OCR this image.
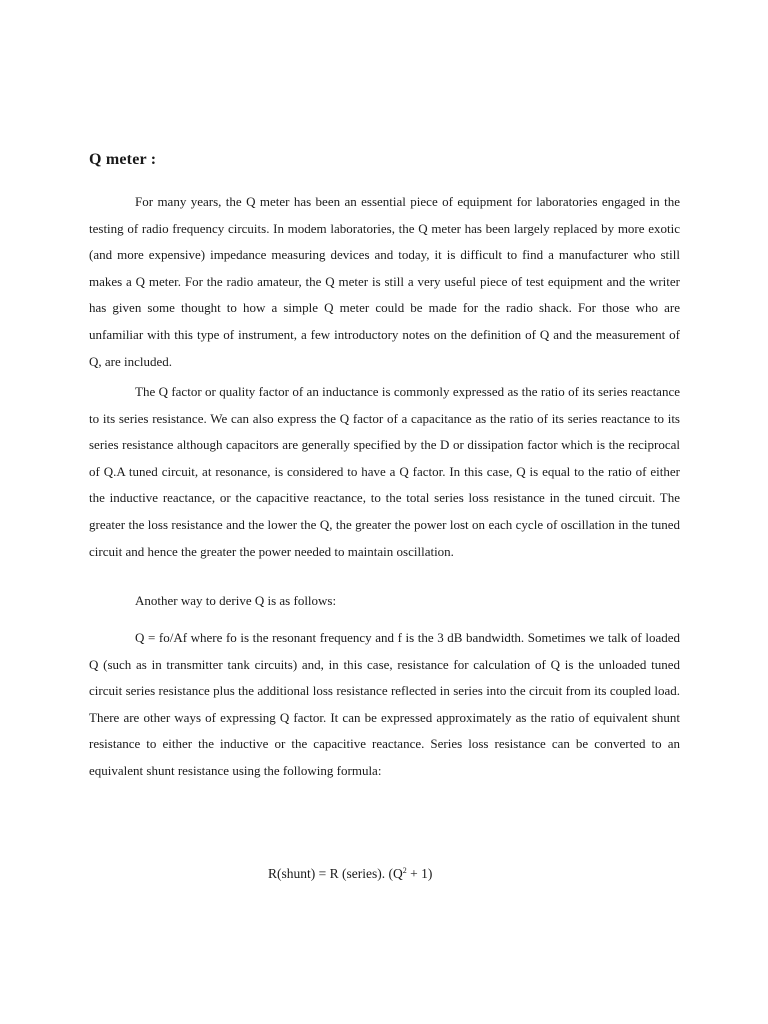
Q meter :

For many years, the Q meter has been an essential piece of equipment for laboratories engaged in the testing of radio frequency circuits. In modem laboratories, the Q meter has been largely replaced by more exotic (and more expensive) impedance measuring devices and today, it is difficult to find a manufacturer who still makes a Q meter. For the radio amateur, the Q meter is still a very useful piece of test equipment and the writer has given some thought to how a simple Q meter could be made for the radio shack. For those who are unfamiliar with this type of instrument, a few introductory notes on the definition of Q and the measurement of Q, are included.

The Q factor or quality factor of an inductance is commonly expressed as the ratio of its series reactance to its series resistance. We can also express the Q factor of a capacitance as the ratio of its series reactance to its series resistance although capacitors are generally specified by the D or dissipation factor which is the reciprocal of Q.A tuned circuit, at resonance, is considered to have a Q factor. In this case, Q is equal to the ratio of either the inductive reactance, or the capacitive reactance, to the total series loss resistance in the tuned circuit. The greater the loss resistance and the lower the Q, the greater the power lost on each cycle of oscillation in the tuned circuit and hence the greater the power needed to maintain oscillation.

Another way to derive Q is as follows:

Q = fo/Af where fo is the resonant frequency and f is the 3 dB bandwidth. Sometimes we talk of loaded Q (such as in transmitter tank circuits) and, in this case, resistance for calculation of Q is the unloaded tuned circuit series resistance plus the additional loss resistance reflected in series into the circuit from its coupled load. There are other ways of expressing Q factor. It can be expressed approximately as the ratio of equivalent shunt resistance to either the inductive or the capacitive reactance. Series loss resistance can be converted to an equivalent shunt resistance using the following formula:

R(shunt) = R (series). $(Q^2 + 1)$
